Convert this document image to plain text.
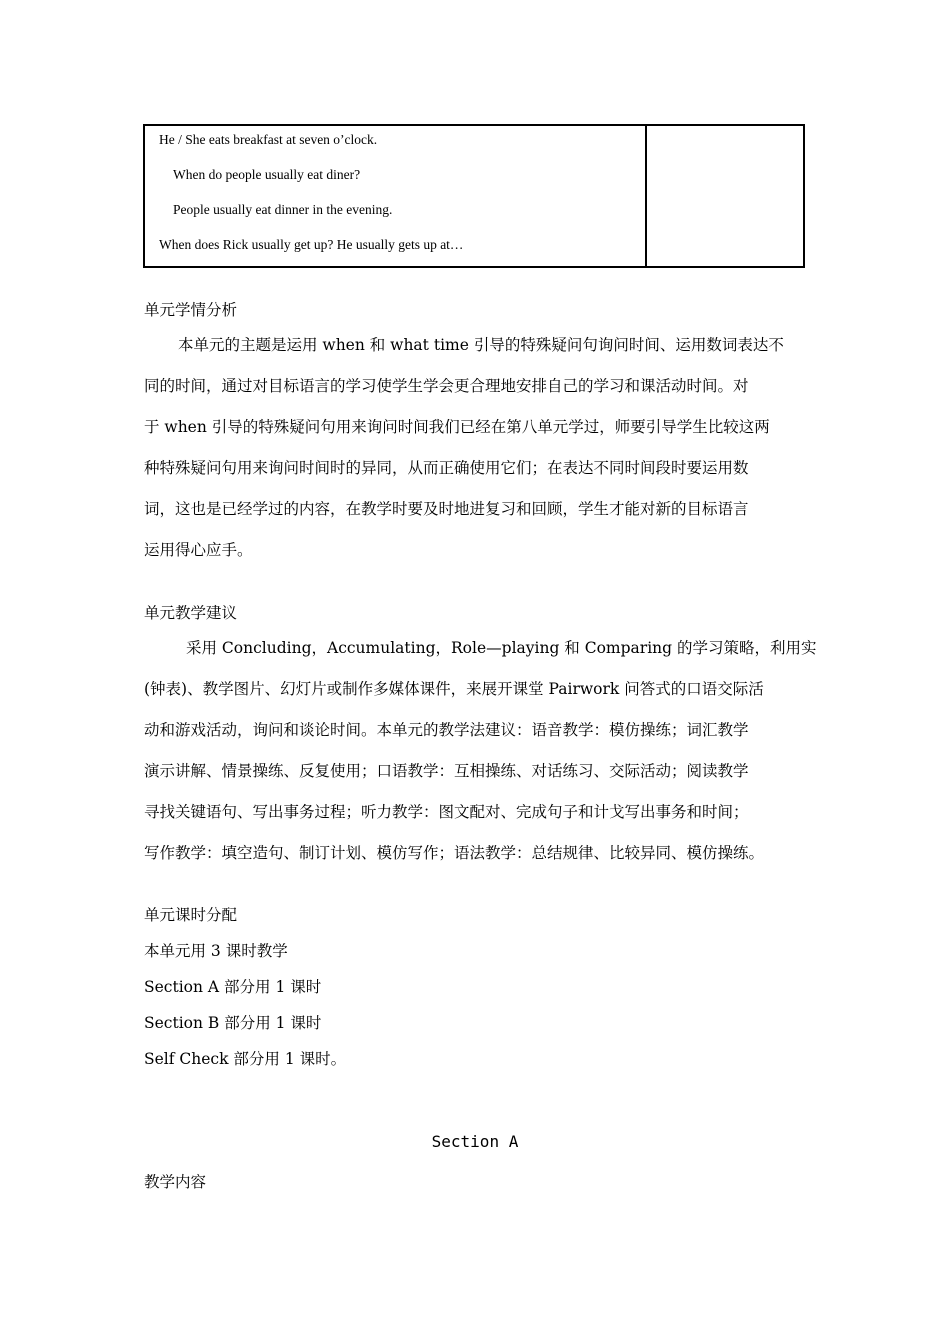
He / She eats breakfast at seven o’clock.
When do people usually eat diner?
People usually eat dinner in the evening.
When does Rick usually get up? He usually gets up at…
单元学情分析
本单元的主题是运用 when 和 what time 引导的特殊疑问句询问时间、运用数词表达不
同的时间，通过对目标语言的学习使学生学会更合理地安排自己的学习和课活动时间。对
于 when 引导的特殊疑问句用来询问时间我们已经在第八单元学过，师要引导学生比较这两
种特殊疑问句用来询问时间时的异同，从而正确使用它们；在表达不同时间段时要运用数
词，这也是已经学过的内容，在教学时要及时地进复习和回顾，学生才能对新的目标语言
运用得心应手。
单元教学建议
采用 Concluding，Accumulating，Role—playing 和 Comparing 的学习策略，利用实
(钟表)、教学图片、幻灯片或制作多媒体课件，来展开课堂 Pairwork 问答式的口语交际活
动和游戏活动，询问和谈论时间。本单元的教学法建议：语音教学：模仿操练；词汇教学
演示讲解、情景操练、反复使用；口语教学：互相操练、对话练习、交际活动；阅读教学
寻找关键语句、写出事务过程；听力教学：图文配对、完成句子和计戈写出事务和时间；
写作教学：填空造句、制订计划、模仿写作；语法教学：总结规律、比较异同、模仿操练。
单元课时分配
本单元用 3 课时教学
Section A 部分用 1 课时
Section B 部分用 1 课时
Self Check 部分用 1 课时。
Section A
教学内容
